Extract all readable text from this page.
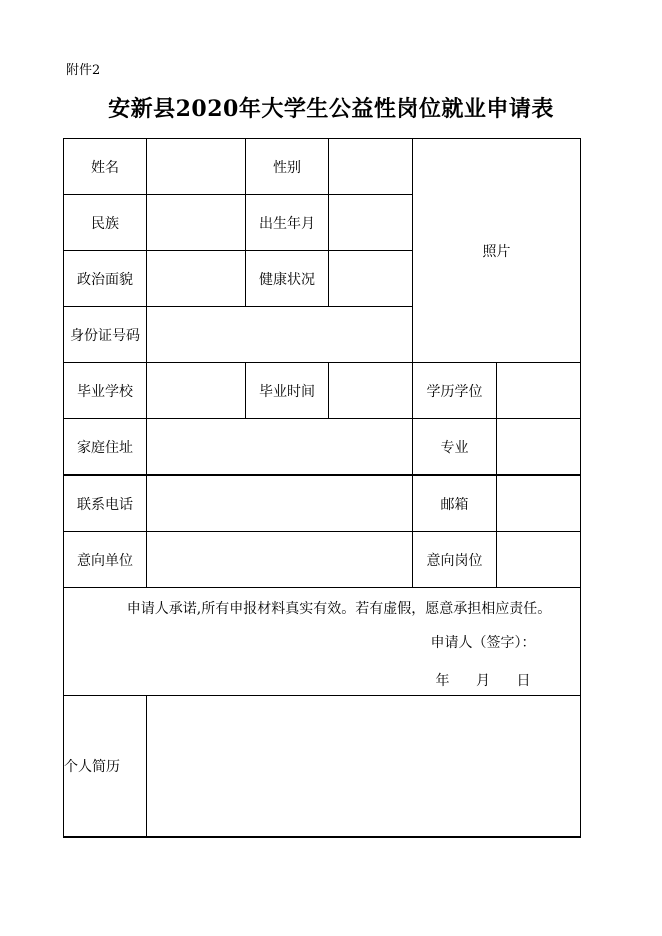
附件2
安新县2020年大学生公益性岗位就业申请表
姓名		性别		照片	
民族		出生年月			
政治面貌		健康状况			
身份证号码					
毕业学校		毕业时间		学历学位	
家庭住址				专业	
联系电话				邮箱	
意向单位				意向岗位	

申请人承诺,所有申报材料真实有效。若有虚假，愿意承担相应责任。
申请人（签字）：
年 月 日					

个人简历					
